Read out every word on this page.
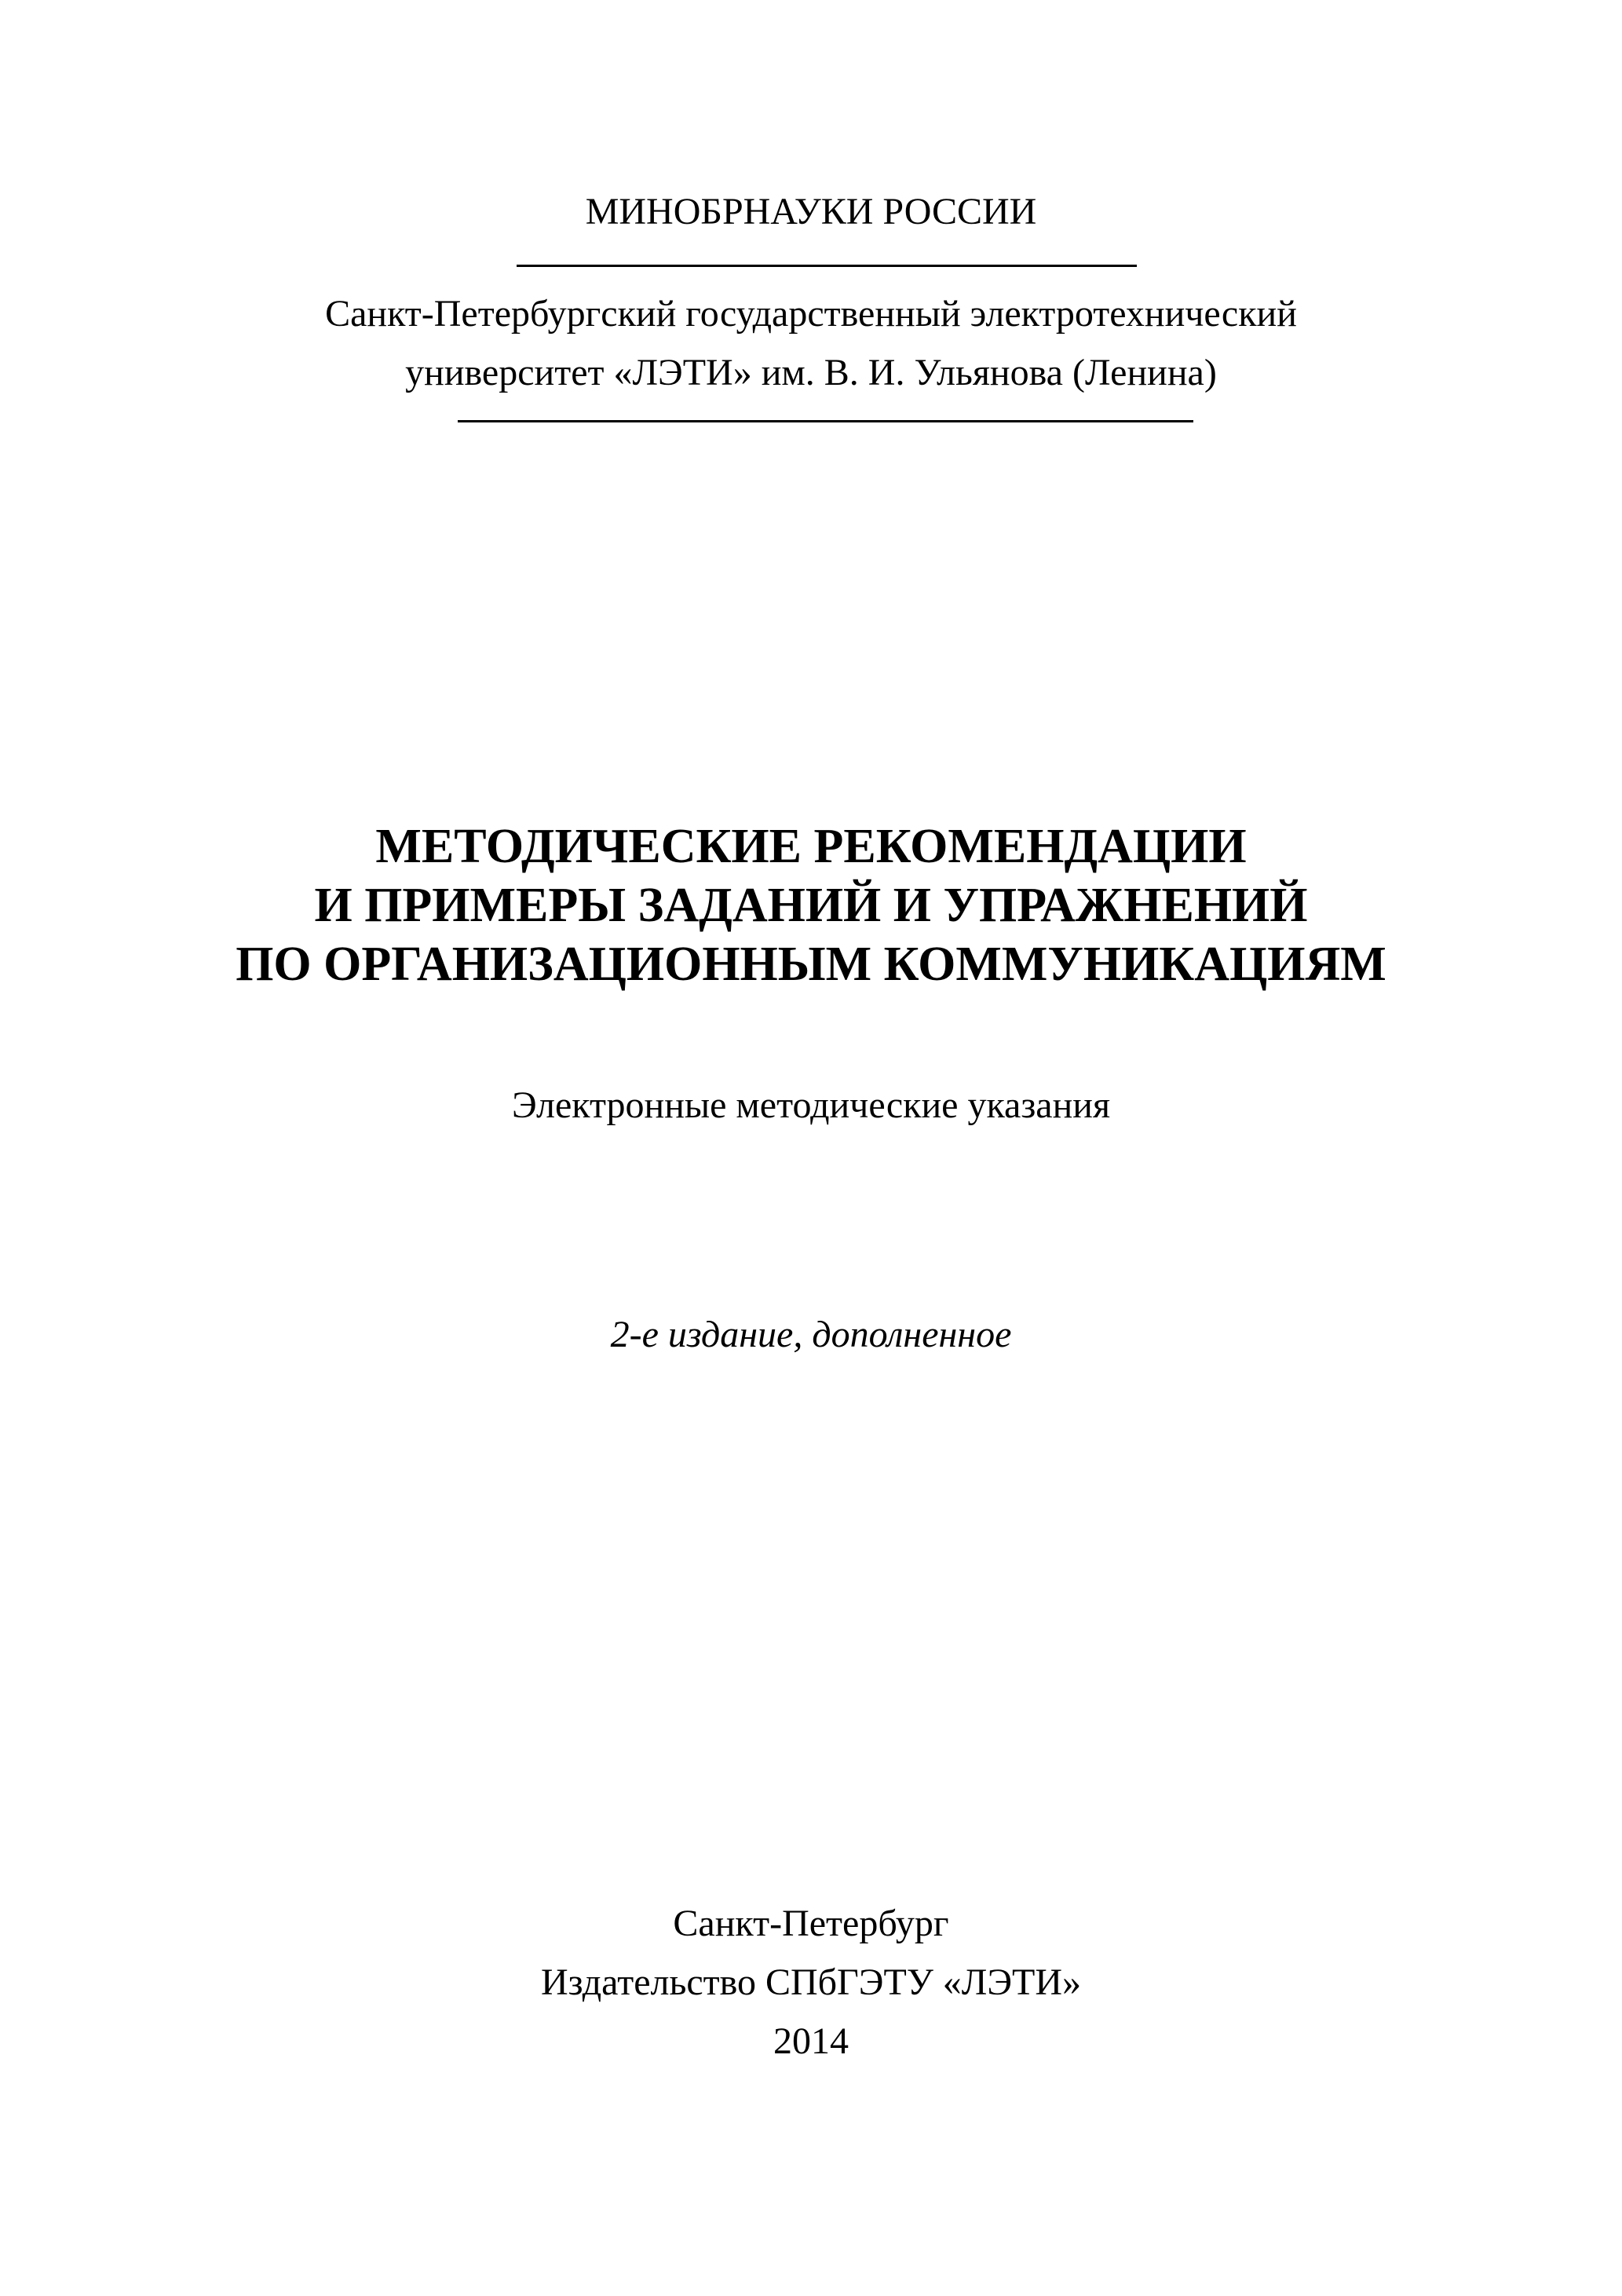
МИНОБРНАУКИ РОССИИ
Санкт-Петербургский государственный электротехнический
университет «ЛЭТИ» им. В. И. Ульянова (Ленина)
МЕТОДИЧЕСКИЕ РЕКОМЕНДАЦИИ
И ПРИМЕРЫ ЗАДАНИЙ И УПРАЖНЕНИЙ
ПО ОРГАНИЗАЦИОННЫМ КОММУНИКАЦИЯМ
Электронные методические указания
2-е издание, дополненное
Санкт-Петербург
Издательство СПбГЭТУ «ЛЭТИ»
2014
